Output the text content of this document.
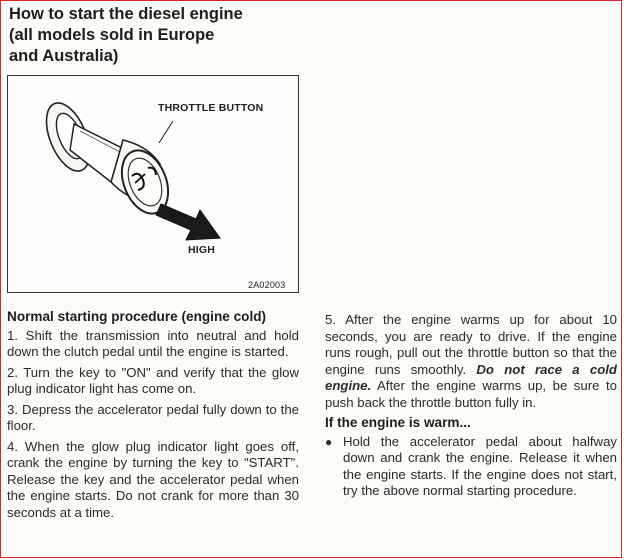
How to start the diesel engine
(all models sold in Europe
and Australia)
THROTTLE BUTTON
HIGH
2A02003
Normal starting procedure (engine cold)
1. Shift the transmission into neutral and hold down the clutch pedal until the engine is started.
2. Turn the key to "ON" and verify that the glow plug indicator light has come on.
3. Depress the accelerator pedal fully down to the floor.
4. When the glow plug indicator light goes off, crank the engine by turning the key to "START". Release the key and the accelerator pedal when the engine starts. Do not crank for more than 30 seconds at a time.
5. After the engine warms up for about 10 seconds, you are ready to drive. If the engine runs rough, pull out the throttle button so that the engine runs smoothly. Do not race a cold engine. After the engine warms up, be sure to push back the throttle button fully in.
If the engine is warm...
● Hold the accelerator pedal about halfway down and crank the engine. Release it when the engine starts. If the engine does not start, try the above normal starting procedure.
